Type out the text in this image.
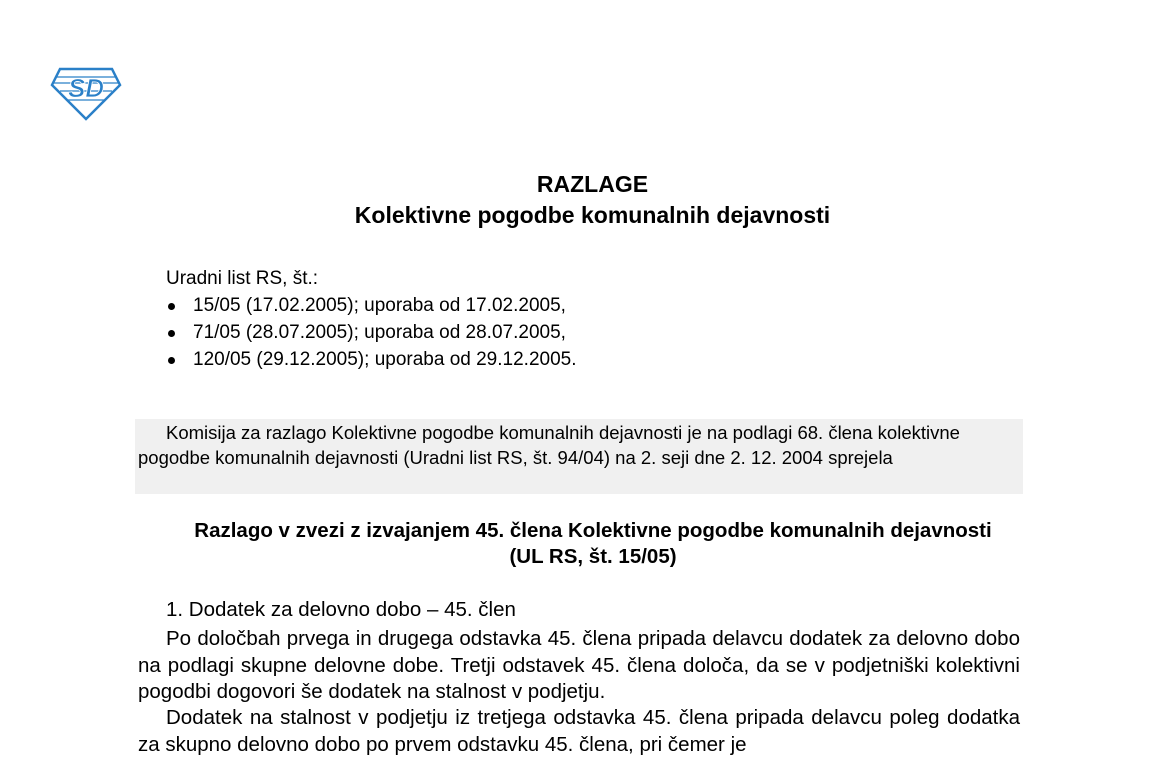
SD
RAZLAGE
Kolektivne pogodbe komunalnih dejavnosti
Uradni list RS, št.:
15/05 (17.02.2005); uporaba od 17.02.2005,
71/05 (28.07.2005); uporaba od 28.07.2005,
120/05 (29.12.2005); uporaba od 29.12.2005.

Komisija za razlago Kolektivne pogodbe komunalnih dejavnosti je na podlagi 68. člena kolektivne pogodbe komunalnih dejavnosti (Uradni list RS, št. 94/04) na 2. seji dne 2. 12. 2004 sprejela

Razlago v zvezi z izvajanjem 45. člena Kolektivne pogodbe komunalnih dejavnosti (UL RS, št. 15/05)
1. Dodatek za delovno dobo – 45. člen

Po določbah prvega in drugega odstavka 45. člena pripada delavcu dodatek za delovno dobo na podlagi skupne delovne dobe. Tretji odstavek 45. člena določa, da se v podjetniški kolektivni pogodbi dogovori še dodatek na stalnost v podjetju.

Dodatek na stalnost v podjetju iz tretjega odstavka 45. člena pripada delavcu poleg dodatka za skupno delovno dobo po prvem odstavku 45. člena, pri čemer je
